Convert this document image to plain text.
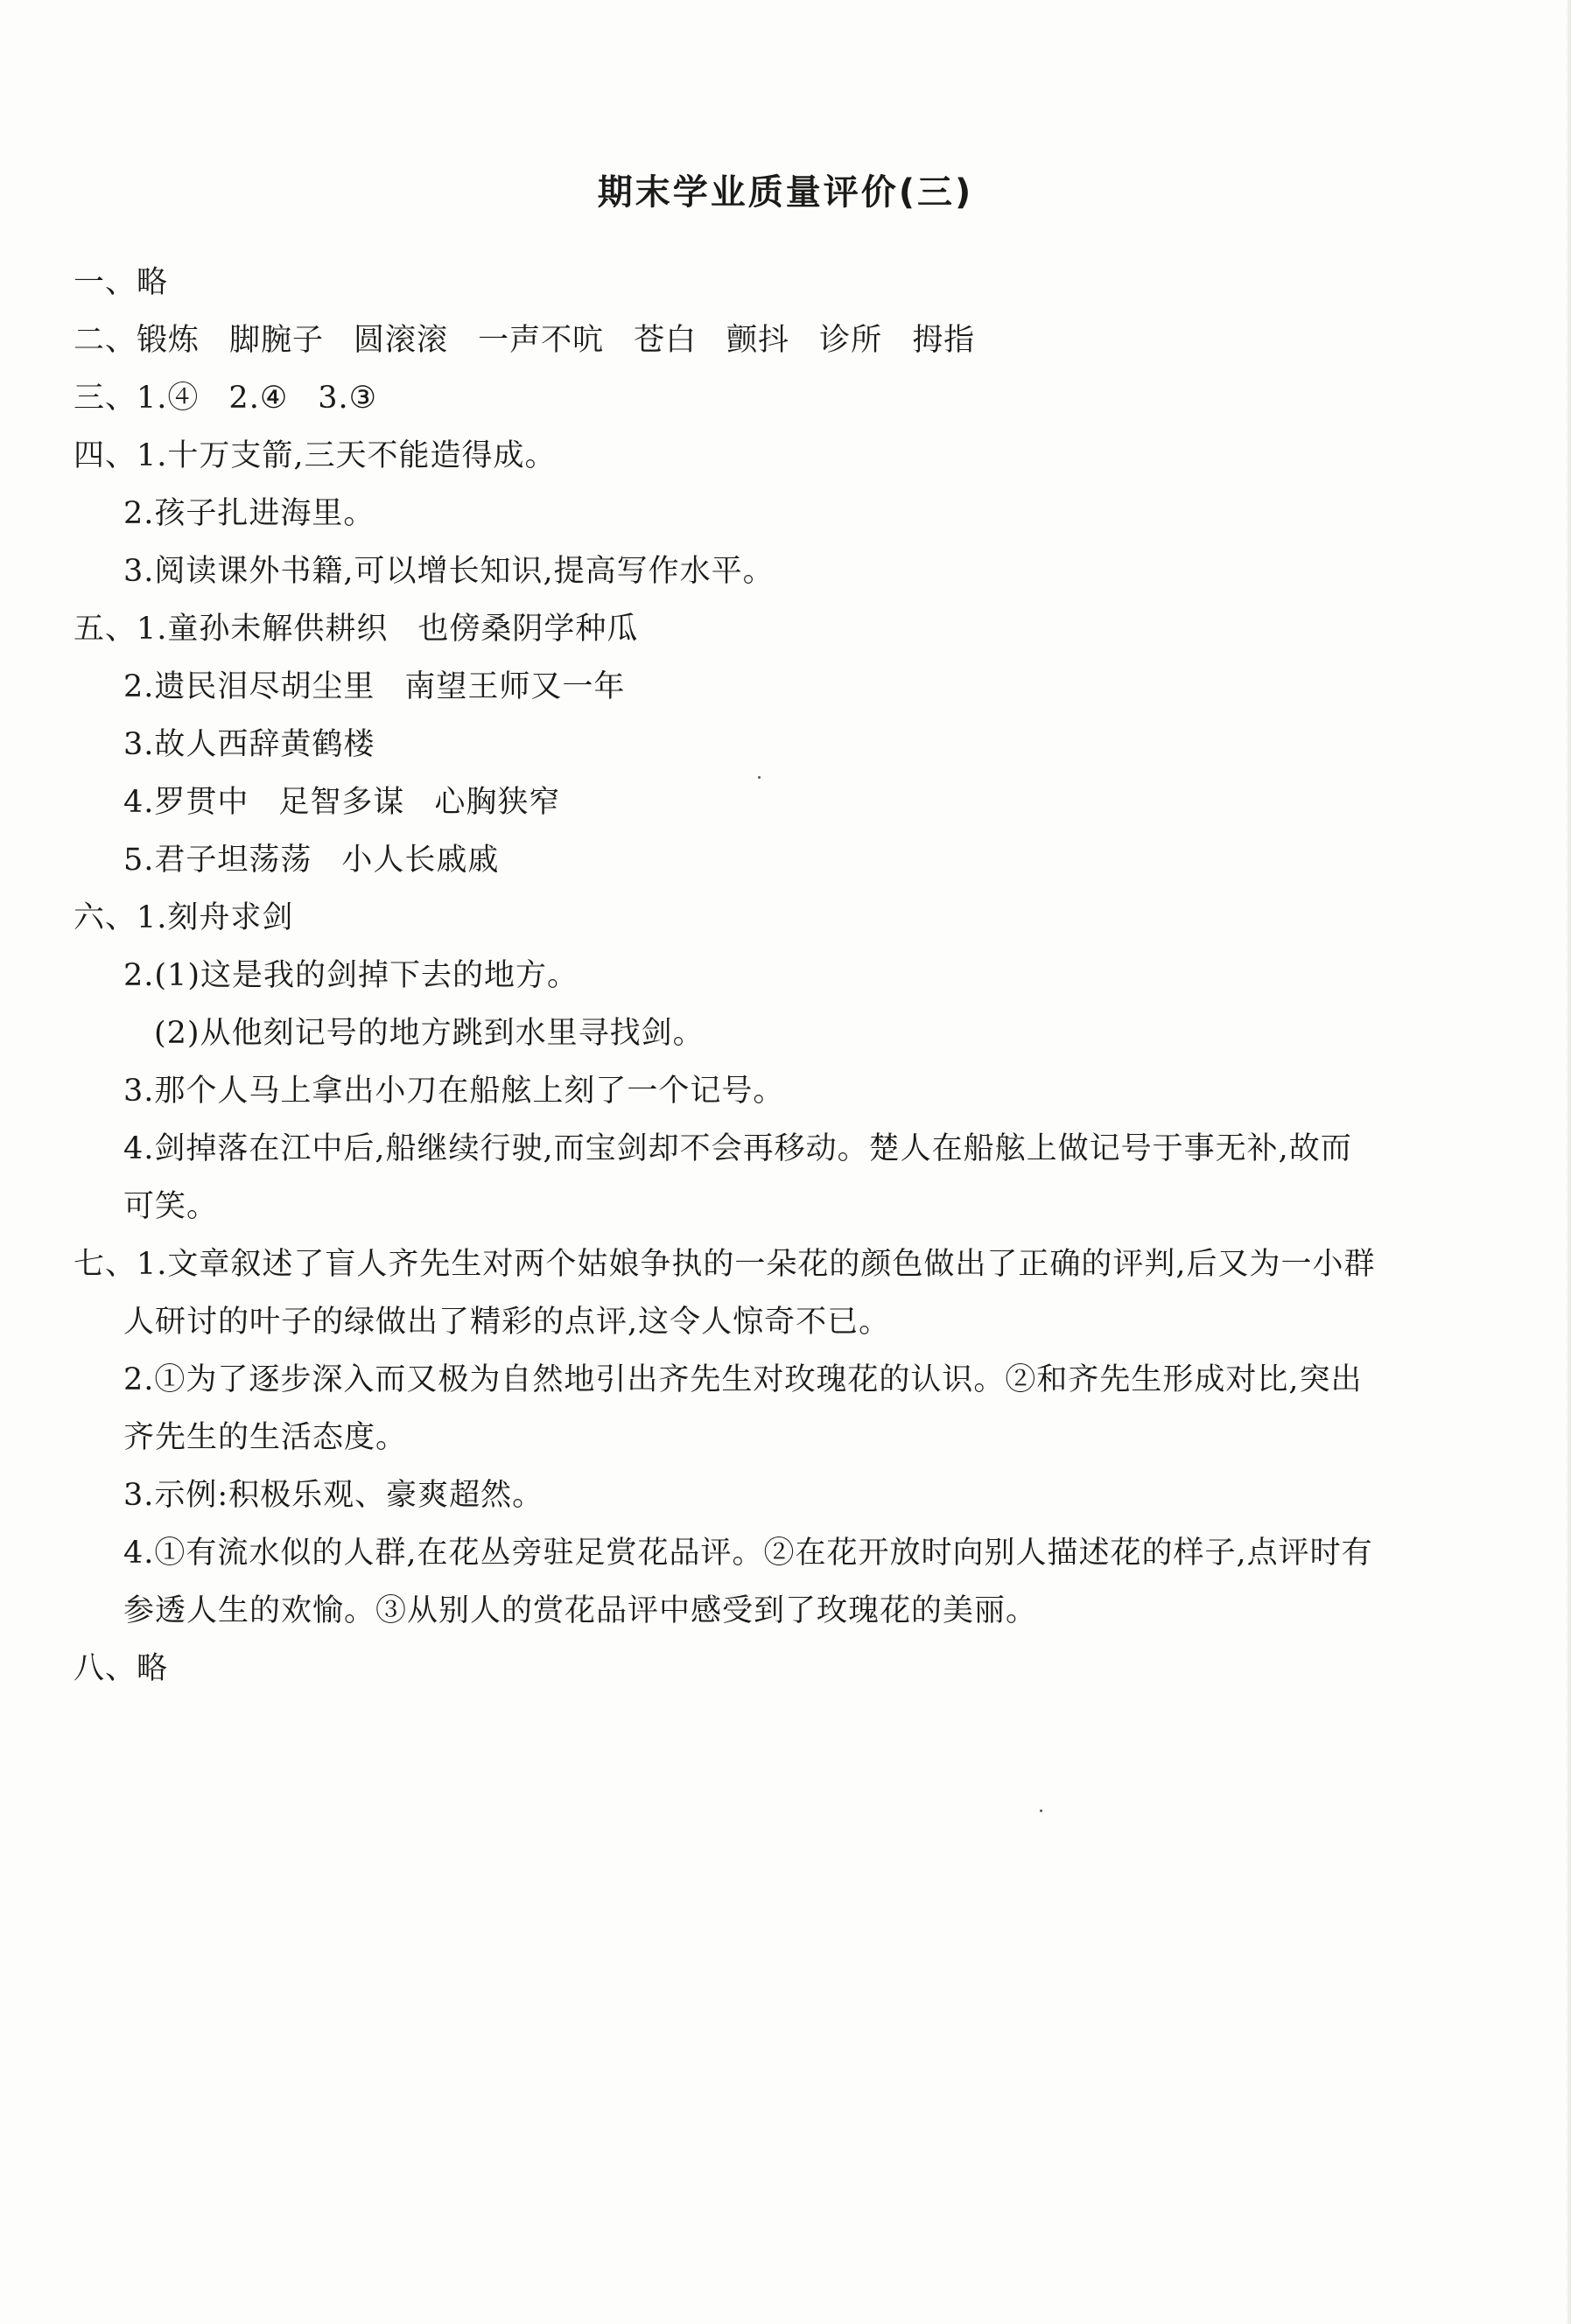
期末学业质量评价(三)
一、略
二、锻炼 脚腕子 圆滚滚 一声不吭 苍白 颤抖 诊所 拇指
三、1.④ 2.④ 3.③
四、1.十万支箭,三天不能造得成。
2.孩子扎进海里。
3.阅读课外书籍,可以增长知识,提高写作水平。
五、1.童孙未解供耕织 也傍桑阴学种瓜
2.遗民泪尽胡尘里 南望王师又一年
3.故人西辞黄鹤楼
4.罗贯中 足智多谋 心胸狭窄
5.君子坦荡荡 小人长戚戚
六、1.刻舟求剑
2.(1)这是我的剑掉下去的地方。
(2)从他刻记号的地方跳到水里寻找剑。
3.那个人马上拿出小刀在船舷上刻了一个记号。
4.剑掉落在江中后,船继续行驶,而宝剑却不会再移动。楚人在船舷上做记号于事无补,故而
可笑。
七、1.文章叙述了盲人齐先生对两个姑娘争执的一朵花的颜色做出了正确的评判,后又为一小群
人研讨的叶子的绿做出了精彩的点评,这令人惊奇不已。
2.①为了逐步深入而又极为自然地引出齐先生对玫瑰花的认识。②和齐先生形成对比,突出
齐先生的生活态度。
3.示例:积极乐观、豪爽超然。
4.①有流水似的人群,在花丛旁驻足赏花品评。②在花开放时向别人描述花的样子,点评时有
参透人生的欢愉。③从别人的赏花品评中感受到了玫瑰花的美丽。
八、略
